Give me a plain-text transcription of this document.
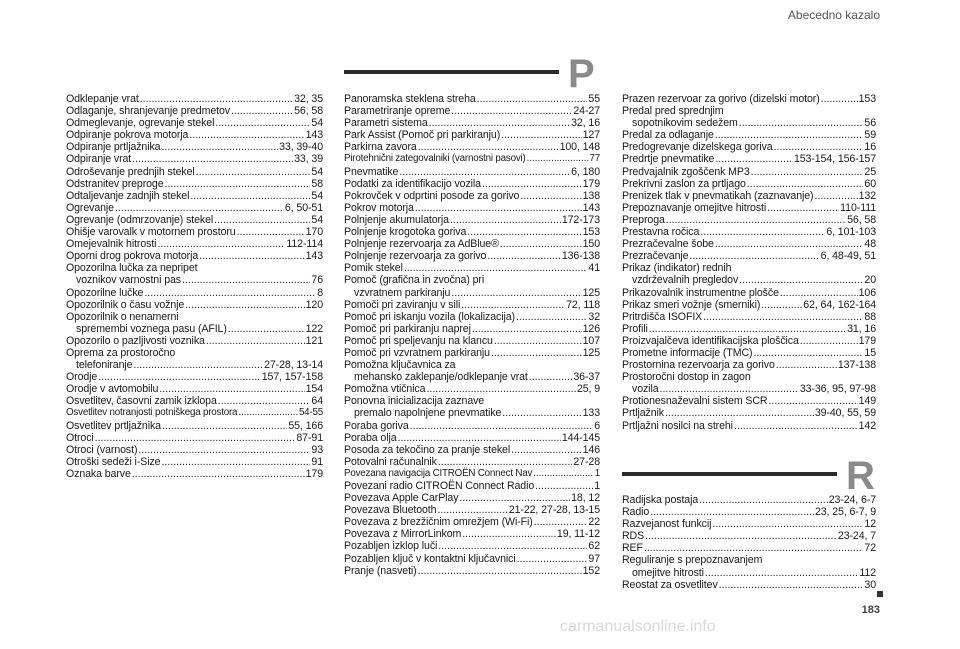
Abecedno kazalo
P
R
Odklepanje vrat .....	32, 35
Odlaganje, shranjevanje predmetov .....	56, 58
Odmeglevanje, ogrevanje stekel .....	54
Odpiranje pokrova motorja .....	143
Odpiranje prtljažnika .....	33, 39-40
Odpiranje vrat .....	33, 39
Odroševanje prednjih stekel .....	54
Odstranitev preproge .....	58
Odtaljevanje zadnjih stekel .....	54
Ogrevanje .....	6, 50-51
Ogrevanje (odmrzovanje) stekel .....	54
Ohišje varovalk v motornem prostoru .....	170
Omejevalnik hitrosti .....	112-114
Oporni drog pokrova motorja .....	143
Opozorilna lučka za nepripet
voznikov varnostni pas .....	76
Opozorilne lučke .....	8
Opozorilnik o času vožnje .....	120
Opozorilnik o nenamerni
spremembi voznega pasu (AFIL) .....	122
Opozorilo o pazljivosti voznika .....	121
Oprema za prostoročno
telefoniranje .....	27-28, 13-14
Orodje .....	157, 157-158
Orodje v avtomobilu .....	154
Osvetlitev, časovni zamik izklopa .....	64
Osvetlitev notranjosti potniškega prostora .....	54-55
Osvetlitev prtljažnika .....	55, 166
Otroci .....	87-91
Otroci (varnost) .....	93
Otroški sedeži i-Size .....	91
Oznaka barve .....	179
Panoramska steklena streha .....	55
Parametriranje opreme .....	24-27
Parametri sistema .....	32, 16
Park Assist (Pomoč pri parkiranju) .....	127
Parkirna zavora .....	100, 148
Pirotehnični zategovalniki (varnostni pasovi) .....	77
Pnevmatike .....	6, 180
Podatki za identifikacijo vozila .....	179
Pokrovček v odprtini posode za gorivo .....	138
Pokrov motorja .....	143
Polnjenje akumulatorja .....	172-173
Polnjenje krogotoka goriva .....	153
Polnjenje rezervoarja za AdBlue® .....	150
Polnjenje rezervoarja za gorivo .....	136-138
Pomik stekel .....	41
Pomoč (grafična in zvočna) pri
vzvratnem parkiranju .....	125
Pomoči pri zaviranju v sili .....	72, 118
Pomoč pri iskanju vozila (lokalizacija) .....	32
Pomoč pri parkiranju naprej .....	126
Pomoč pri speljevanju na klancu .....	107
Pomoč pri vzvratnem parkiranju .....	125
Pomožna ključavnica za
mehansko zaklepanje/odklepanje vrat .....	36-37
Pomožna vtičnica .....	25, 9
Ponovna inicializacija zaznave
premalo napolnjene pnevmatike .....	133
Poraba goriva .....	6
Poraba olja .....	144-145
Posoda za tekočino za pranje stekel .....	146
Potovalni računalnik .....	27-28
Povezana navigacija CITROËN Connect Nav .....	1
Povezani radio CITROËN Connect Radio .....	1
Povezava Apple CarPlay .....	18, 12
Povezava Bluetooth .....	21-22, 27-28, 13-15
Povezava z brezžičnim omrežjem (Wi-Fi) .....	22
Povezava z MirrorLinkom .....	19, 11-12
Pozabljen izklop luči .....	62
Pozabljen ključ v kontaktni ključavnici .....	97
Pranje (nasveti) .....	152
Prazen rezervoar za gorivo (dizelski motor) .....	153
Predal pred sprednjim
sopotnikovim sedežem .....	56
Predal za odlaganje .....	59
Predogrevanje dizelskega goriva .....	16
Predrtje pnevmatike .....	153-154, 156-157
Predvajalnik zgoščenk MP3 .....	25
Prekrivni zaslon za prtljago .....	60
Prenizek tlak v pnevmatikah (zaznavanje) .....	132
Prepoznavanje omejitve hitrosti .....	110-111
Preproga .....	56, 58
Prestavna ročica .....	6, 101-103
Prezračevalne šobe .....	48
Prezračevanje .....	6, 48-49, 51
Prikaz (indikator) rednih
vzdrževalnih pregledov .....	20
Prikazovalnik instrumentne plošče .....	106
Prikaz smeri vožnje (smerniki) .....	62, 64, 162-164
Pritrdišča ISOFIX .....	88
Profili .....	31, 16
Proizvajalčeva identifikacijska ploščica .....	179
Prometne informacije (TMC) .....	15
Prostornina rezervoarja za gorivo .....	137-138
Prostoročni dostop in zagon
vozila .....	33-36, 95, 97-98
Protionesnaževalni sistem SCR .....	149
Prtljažnik .....	39-40, 55, 59
Prtljažni nosilci na strehi .....	142
Radijska postaja .....	23-24, 6-7
Radio .....	23, 25, 6-7, 9
Razvejanost funkcij .....	12
RDS .....	23-24, 7
REF .....	72
Reguliranje s prepoznavanjem
omejitve hitrosti .....	112
Reostat za osvetlitev .....	30
183
carmanualsonline.info
